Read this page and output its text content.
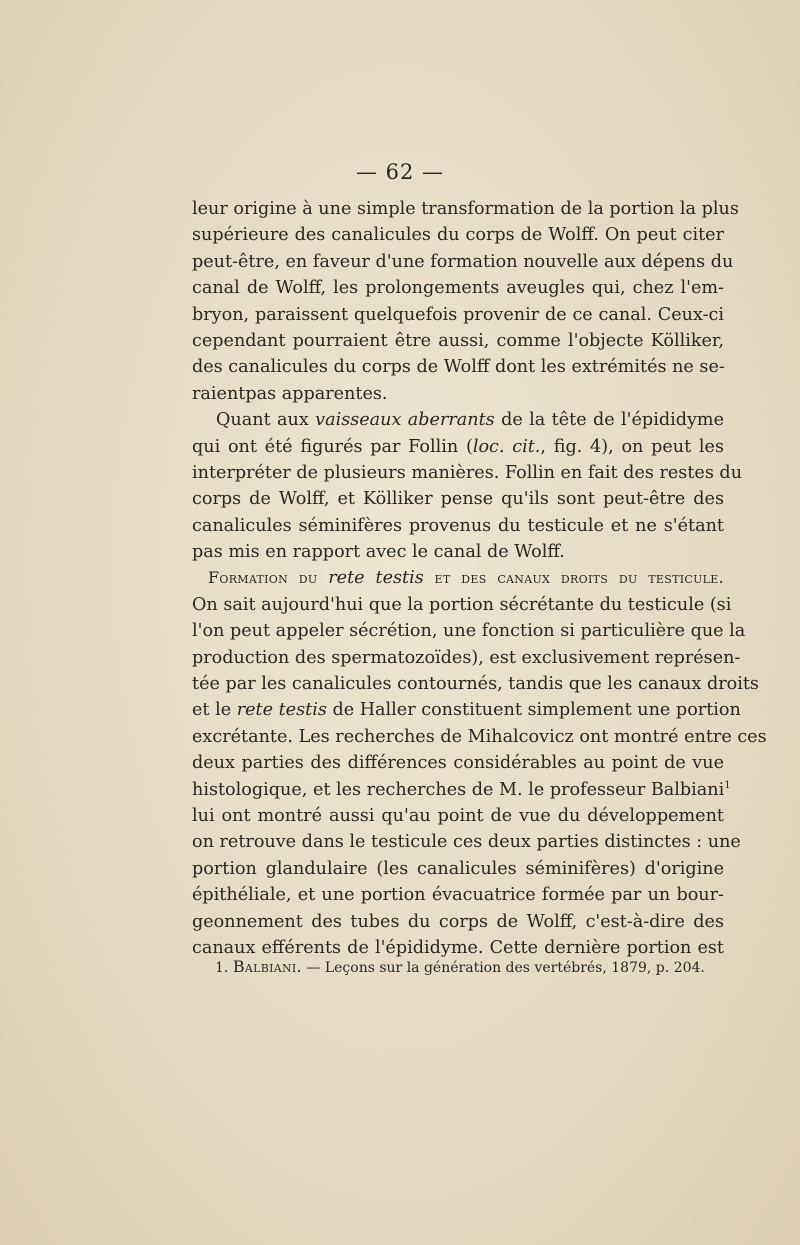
— 62 —
leur origine à une simple transformation de la portion la plus
supérieure des canalicules du corps de Wolff. On peut citer
peut-être, en faveur d'une formation nouvelle aux dépens du
canal de Wolff, les prolongements aveugles qui, chez l'em-
bryon, paraissent quelquefois provenir de ce canal. Ceux-ci
cependant pourraient être aussi, comme l'objecte Kölliker,
des canalicules du corps de Wolff dont les extrémités ne se-
raientpas apparentes.
Quant aux vaisseaux aberrants de la tête de l'épididyme
qui ont été figurés par Follin (loc. cit., fig. 4), on peut les
interpréter de plusieurs manières. Follin en fait des restes du
corps de Wolff, et Kölliker pense qu'ils sont peut-être des
canalicules séminifères provenus du testicule et ne s'étant
pas mis en rapport avec le canal de Wolff.
Formation du rete testis et des canaux droits du testicule.
On sait aujourd'hui que la portion sécrétante du testicule (si
l'on peut appeler sécrétion, une fonction si particulière que la
production des spermatozoïdes), est exclusivement représen-
tée par les canalicules contournés, tandis que les canaux droits
et le rete testis de Haller constituent simplement une portion
excrétante. Les recherches de Mihalcovicz ont montré entre ces
deux parties des différences considérables au point de vue
histologique, et les recherches de M. le professeur Balbiani$^1$
lui ont montré aussi qu'au point de vue du développement
on retrouve dans le testicule ces deux parties distinctes : une
portion glandulaire (les canalicules séminifères) d'origine
épithéliale, et une portion évacuatrice formée par un bour-
geonnement des tubes du corps de Wolff, c'est-à-dire des
canaux efférents de l'épididyme. Cette dernière portion est
1. Balbiani. — Leçons sur la génération des vertébrés, 1879, p. 204.
